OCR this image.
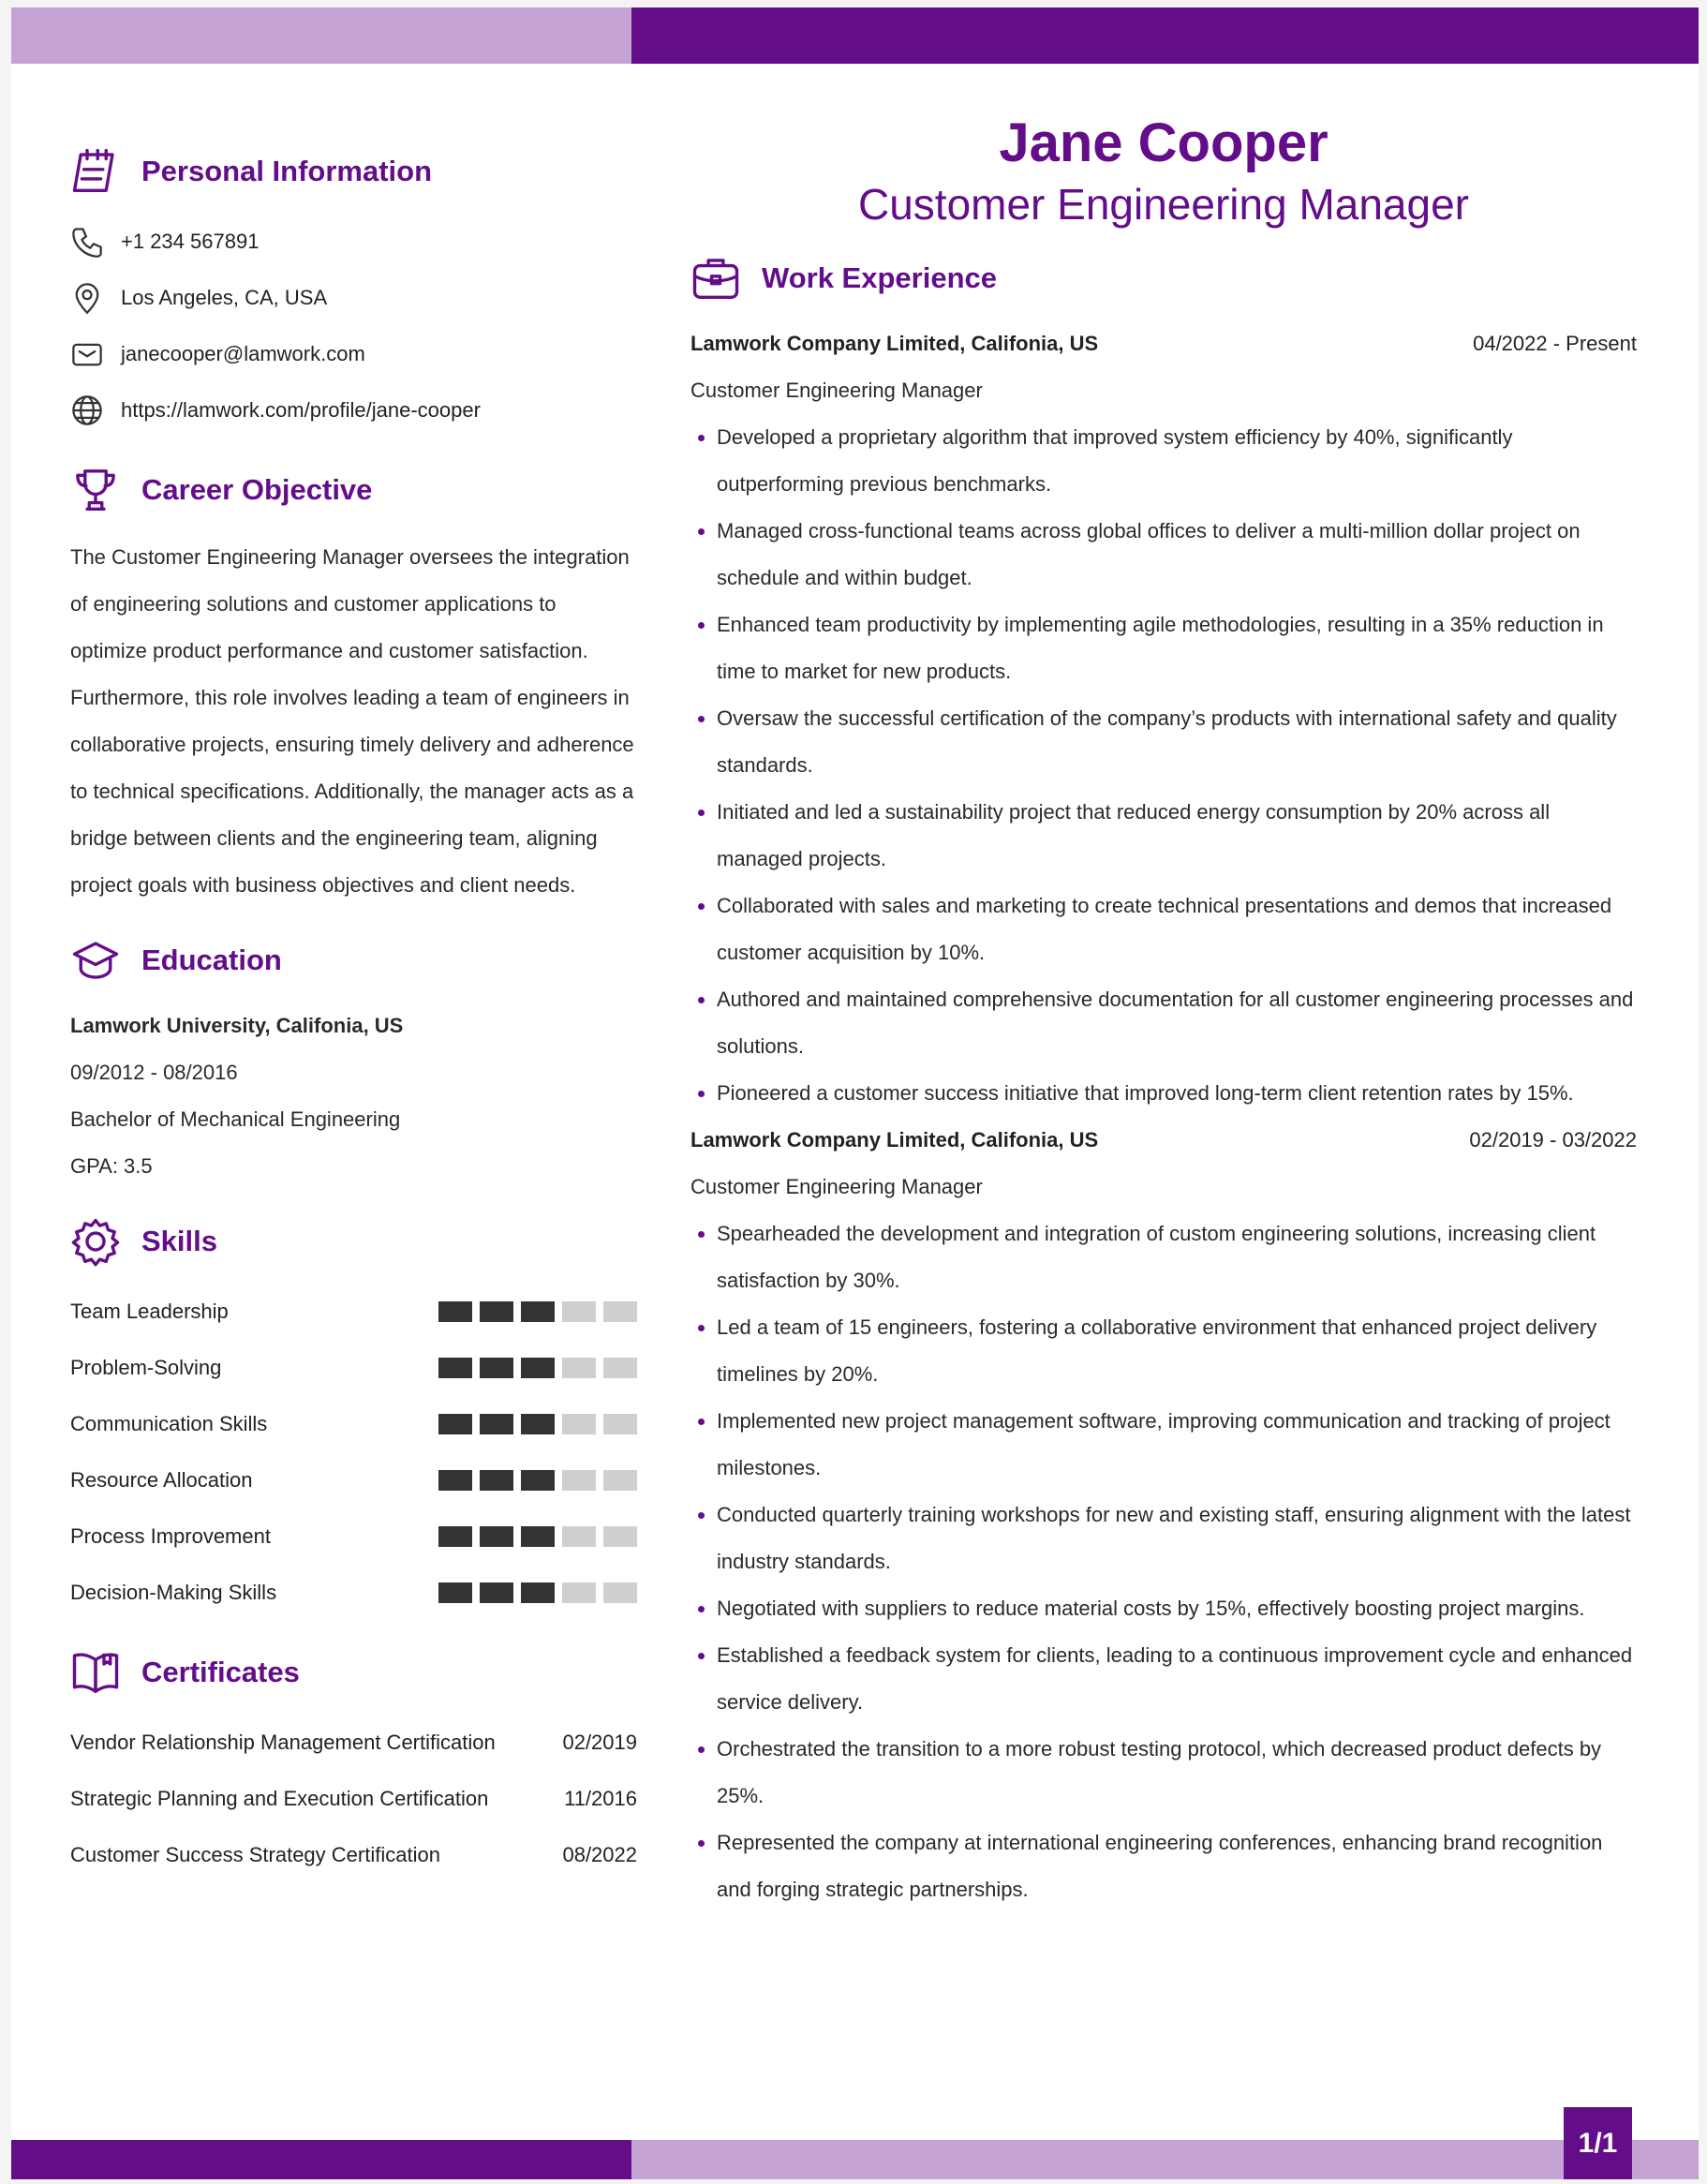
Personal Information
+1 234 567891
Los Angeles, CA, USA
janecooper@lamwork.com
https://lamwork.com/profile/jane-cooper
Career Objective
The Customer Engineering Manager oversees the integration of engineering solutions and customer applications to optimize product performance and customer satisfaction. Furthermore, this role involves leading a team of engineers in collaborative projects, ensuring timely delivery and adherence to technical specifications. Additionally, the manager acts as a bridge between clients and the engineering team, aligning project goals with business objectives and client needs.
Education
Lamwork University, Califonia, US
09/2012 - 08/2016
Bachelor of Mechanical Engineering
GPA: 3.5
Skills
Team Leadership
Problem-Solving
Communication Skills
Resource Allocation
Process Improvement
Decision-Making Skills
Certificates
Vendor Relationship Management Certification	02/2019
Strategic Planning and Execution Certification	11/2016
Customer Success Strategy Certification	08/2022
Jane Cooper
Customer Engineering Manager
Work Experience
Lamwork Company Limited, Califonia, US	04/2022 - Present
Customer Engineering Manager
• Developed a proprietary algorithm that improved system efficiency by 40%, significantly outperforming previous benchmarks.
• Managed cross-functional teams across global offices to deliver a multi-million dollar project on schedule and within budget.
• Enhanced team productivity by implementing agile methodologies, resulting in a 35% reduction in time to market for new products.
• Oversaw the successful certification of the company’s products with international safety and quality standards.
• Initiated and led a sustainability project that reduced energy consumption by 20% across all managed projects.
• Collaborated with sales and marketing to create technical presentations and demos that increased customer acquisition by 10%.
• Authored and maintained comprehensive documentation for all customer engineering processes and solutions.
• Pioneered a customer success initiative that improved long-term client retention rates by 15%.
Lamwork Company Limited, Califonia, US	02/2019 - 03/2022
Customer Engineering Manager
• Spearheaded the development and integration of custom engineering solutions, increasing client satisfaction by 30%.
• Led a team of 15 engineers, fostering a collaborative environment that enhanced project delivery timelines by 20%.
• Implemented new project management software, improving communication and tracking of project milestones.
• Conducted quarterly training workshops for new and existing staff, ensuring alignment with the latest industry standards.
• Negotiated with suppliers to reduce material costs by 15%, effectively boosting project margins.
• Established a feedback system for clients, leading to a continuous improvement cycle and enhanced service delivery.
• Orchestrated the transition to a more robust testing protocol, which decreased product defects by 25%.
• Represented the company at international engineering conferences, enhancing brand recognition and forging strategic partnerships.
1/1
